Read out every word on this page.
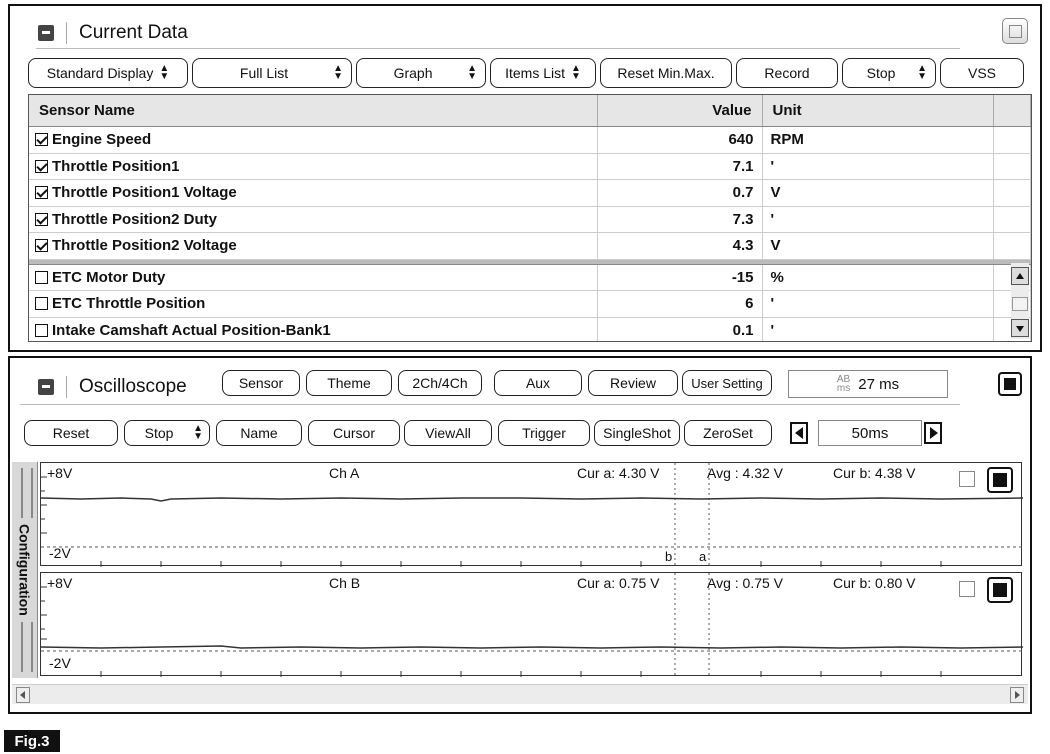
Current Data
Standard Display ▲
▼	Full List	▲
▼	Graph	▲
▼ Items List ▲
▼	Reset Min.Max.	Record	Stop	▲
▼	VSS
Sensor Name	Value	Unit
Engine Speed	640	RPM
Throttle Position1	7.1	'
Throttle Position1 Voltage	0.7	V
Throttle Position2 Duty	7.3	'
Throttle Position2 Voltage	4.3	V
ETC Motor Duty	-15	%
ETC Throttle Position	6	'
Intake Camshaft Actual Position-Bank1	0.1	'
Oscilloscope	Sensor	Theme	2Ch/4Ch	Aux	Review	User Setting	AB
ms 27 ms
Reset	Stop	▲
▼	Name	Cursor	ViewAll	Trigger	SingleShot	ZeroSet	50ms
Configuration
+8V
-2V
Ch A	Cur a: 4.30 V	Avg : 4.32 V	Cur b: 4.38 V
b a
+8V
-2V
Ch B	Cur a: 0.75 V	Avg : 0.75 V	Cur b: 0.80 V
Fig.3
